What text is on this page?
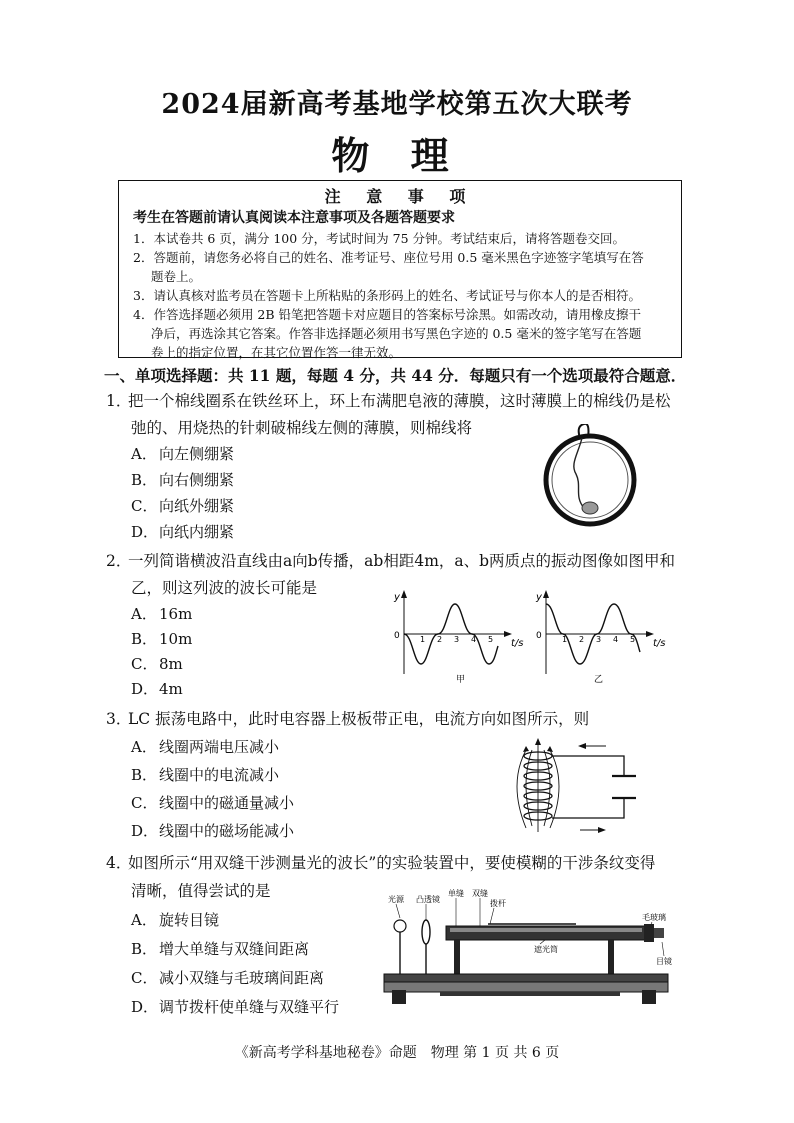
2024届新高考基地学校第五次大联考
物 理
注 意 事 项
考生在答题前请认真阅读本注意事项及各题答题要求
1．本试卷共 6 页，满分 100 分，考试时间为 75 分钟。考试结束后，请将答题卷交回。
2．答题前，请您务必将自己的姓名、准考证号、座位号用 0.5 毫米黑色字迹签字笔填写在答
题卷上。
3．请认真核对监考员在答题卡上所粘贴的条形码上的姓名、考试证号与你本人的是否相符。
4．作答选择题必须用 2B 铅笔把答题卡对应题目的答案标号涂黑。如需改动，请用橡皮擦干
净后，再选涂其它答案。作答非选择题必须用书写黑色字迹的 0.5 毫米的签字笔写在答题
卷上的指定位置，在其它位置作答一律无效。
一、单项选择题：共 11 题，每题 4 分，共 44 分．每题只有一个选项最符合题意．
1．把一个棉线圈系在铁丝环上，环上布满肥皂液的薄膜，这时薄膜上的棉线仍是松
弛的、用烧热的针刺破棉线左侧的薄膜，则棉线将
A． 向左侧绷紧
B． 向右侧绷紧
C． 向纸外绷紧
D．向纸内绷紧
2．一列简谐横波沿直线由a向b传播，ab相距4m，a、b两质点的振动图像如图甲和
乙，则这列波的波长可能是
A． 16m
B． 10m
C． 8m
D．4m
y
0
t/s
1 2 3 4 5
甲
y
0
t/s
1 2 3 4 5
乙
3．LC 振荡电路中，此时电容器上极板带正电，电流方向如图所示，则
A． 线圈两端电压减小
B． 线圈中的电流减小
C． 线圈中的磁通量减小
D．线圈中的磁场能减小
4．如图所示“用双缝干涉测量光的波长”的实验装置中，要使模糊的干涉条纹变得
清晰，值得尝试的是
A． 旋转目镜
B． 增大单缝与双缝间距离
C． 减小双缝与毛玻璃间距离
D．调节拨杆使单缝与双缝平行
光源 凸透镜
单缝 双缝
拨杆
毛玻璃
遮光筒
目镜
《新高考学科基地秘卷》命题　物理 第 1 页 共 6 页
